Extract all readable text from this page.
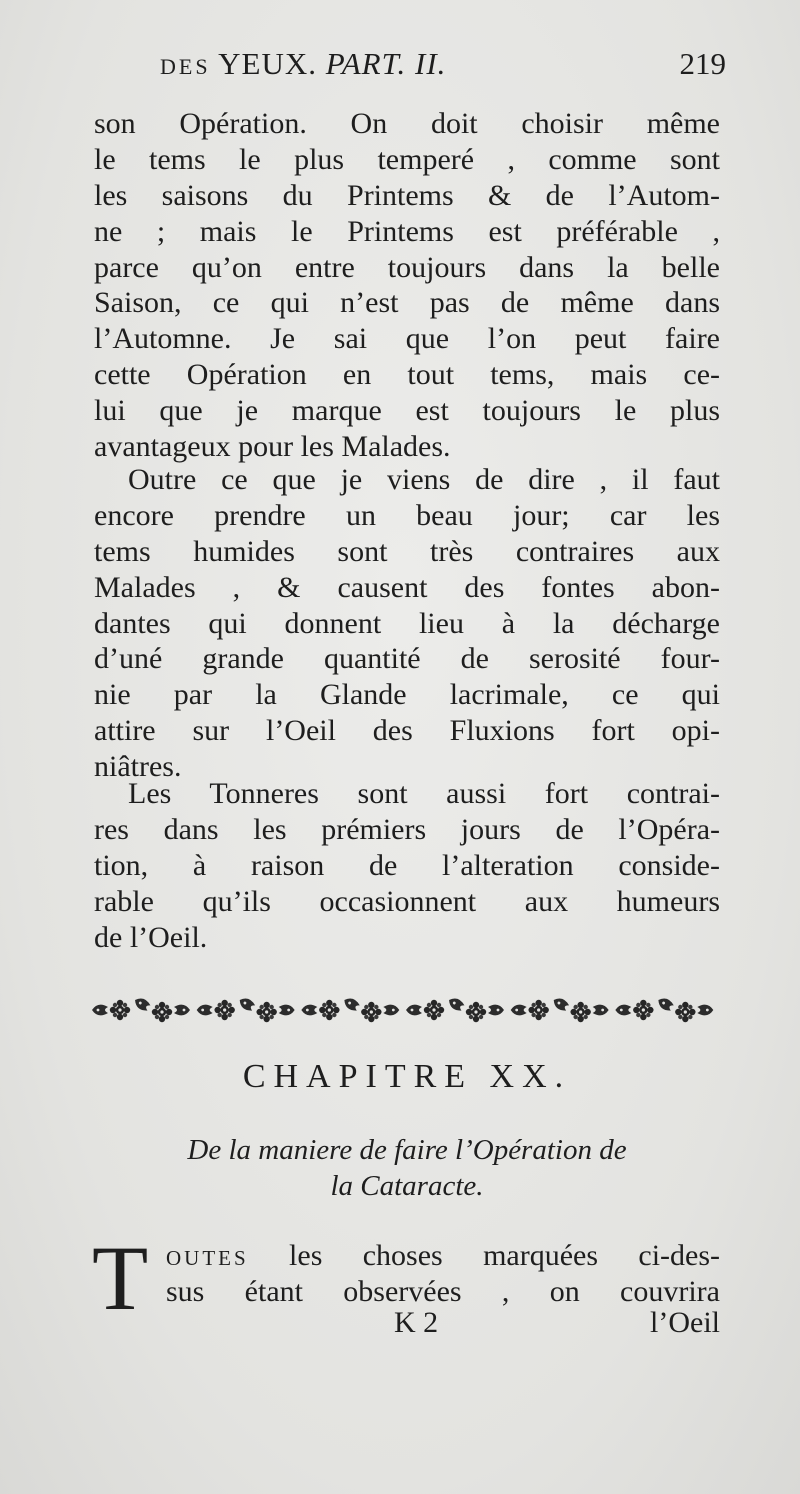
DES YEUX. PART. II.	219
son Opération. On doit choisir même
le tems le plus temperé , comme sont
les saisons du Printems & de l’Autom-
ne ; mais le Printems est préférable ,
parce qu’on entre toujours dans la belle
Saison, ce qui n’est pas de même dans
l’Automne. Je sai que l’on peut faire
cette Opération en tout tems, mais ce-
lui que je marque est toujours le plus
avantageux pour les Malades.
Outre ce que je viens de dire , il faut
encore prendre un beau jour; car les
tems humides sont très contraires aux
Malades , & causent des fontes abon-
dantes qui donnent lieu à la décharge
d’uné grande quantité de serosité four-
nie par la Glande lacrimale, ce qui
attire sur l’Oeil des Fluxions fort opi-
niâtres.
Les Tonneres sont aussi fort contrai-
res dans les prémiers jours de l’Opéra-
tion, à raison de l’alteration conside-
rable qu’ils occasionnent aux humeurs
de l’Oeil.
CHAPITRE XX.
De la maniere de faire l’Opération de
la Cataracte.
T OUTES les choses marquées ci-des-
sus étant observées , on couvrira
K 2	l’Oeil
